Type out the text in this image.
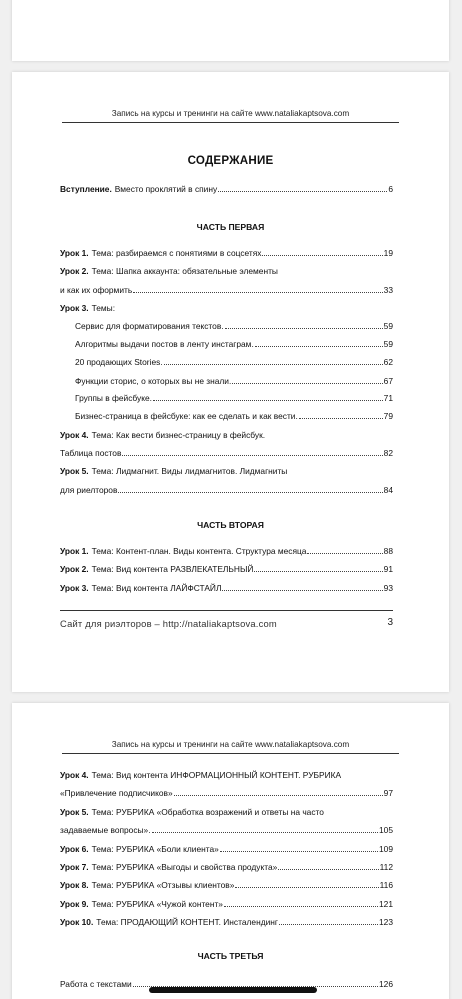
Запись на курсы и тренинги на сайте www.nataliakaptsova.com
СОДЕРЖАНИЕ
Вступление. Вместо проклятий в спину	6
ЧАСТЬ ПЕРВАЯ
Урок 1. Тема: разбираемся с понятиями в соцсетях	19
Урок 2. Тема: Шапка аккаунта: обязательные элементы
и как их оформить	33
Урок 3. Темы:
Сервис для форматирования текстов.	59
Алгоритмы выдачи постов в ленту инстаграм.	59
20 продающих Stories.	62
Функции сторис, о которых вы не знали.	67
Группы в фейсбуке.	71
Бизнес-страница в фейсбуке: как ее сделать и как вести.	79
Урок 4. Тема: Как вести бизнес-страницу в фейсбук.
Таблица постов	82
Урок 5. Тема: Лидмагнит. Виды лидмагнитов. Лидмагниты
для риелторов	84
ЧАСТЬ ВТОРАЯ
Урок 1. Тема: Контент-план. Виды контента. Структура месяца	88
Урок 2. Тема: Вид контента РАЗВЛЕКАТЕЛЬНЫЙ	91
Урок 3. Тема: Вид контента ЛАЙФСТАЙЛ	93
Сайт для риэлторов – http://nataliakaptsova.com	3
Запись на курсы и тренинги на сайте www.nataliakaptsova.com
Урок 4. Тема: Вид контента ИНФОРМАЦИОННЫЙ КОНТЕНТ. РУБРИКА
«Привлечение подписчиков»	97
Урок 5. Тема: РУБРИКА «Обработка возражений и ответы на часто
задаваемые вопросы».	105
Урок 6. Тема: РУБРИКА «Боли клиента»	109
Урок 7. Тема: РУБРИКА «Выгоды и свойства продукта»	112
Урок 8. Тема: РУБРИКА «Отзывы клиентов»	116
Урок 9. Тема: РУБРИКА «Чужой контент»	121
Урок 10. Тема: ПРОДАЮЩИЙ КОНТЕНТ. Инсталендинг	123
ЧАСТЬ ТРЕТЬЯ
Работа с текстами	126
